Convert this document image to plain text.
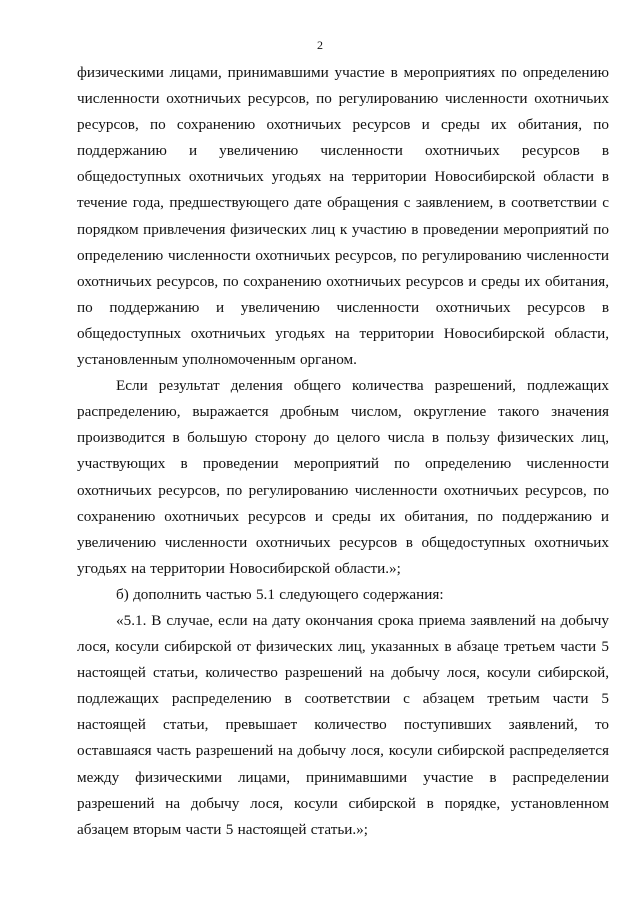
2

физическими лицами, принимавшими участие в мероприятиях по определению численности охотничьих ресурсов, по регулированию численности охотничьих ресурсов, по сохранению охотничьих ресурсов и среды их обитания, по поддержанию и увеличению численности охотничьих ресурсов в общедоступных охотничьих угодьях на территории Новосибирской области в течение года, предшествующего дате обращения с заявлением, в соответствии с порядком привлечения физических лиц к участию в проведении мероприятий по определению численности охотничьих ресурсов, по регулированию численности охотничьих ресурсов, по сохранению охотничьих ресурсов и среды их обитания, по поддержанию и увеличению численности охотничьих ресурсов в общедоступных охотничьих угодьях на территории Новосибирской области, установленным уполномоченным органом.

Если результат деления общего количества разрешений, подлежащих распределению, выражается дробным числом, округление такого значения производится в большую сторону до целого числа в пользу физических лиц, участвующих в проведении мероприятий по определению численности охотничьих ресурсов, по регулированию численности охотничьих ресурсов, по сохранению охотничьих ресурсов и среды их обитания, по поддержанию и увеличению численности охотничьих ресурсов в общедоступных охотничьих угодьях на территории Новосибирской области.»;

б) дополнить частью 5.1 следующего содержания:

«5.1. В случае, если на дату окончания срока приема заявлений на добычу лося, косули сибирской от физических лиц, указанных в абзаце третьем части 5 настоящей статьи, количество разрешений на добычу лося, косули сибирской, подлежащих распределению в соответствии с абзацем третьим части 5 настоящей статьи, превышает количество поступивших заявлений, то оставшаяся часть разрешений на добычу лося, косули сибирской распределяется между физическими лицами, принимавшими участие в распределении разрешений на добычу лося, косули сибирской в порядке, установленном абзацем вторым части 5 настоящей статьи.»;
